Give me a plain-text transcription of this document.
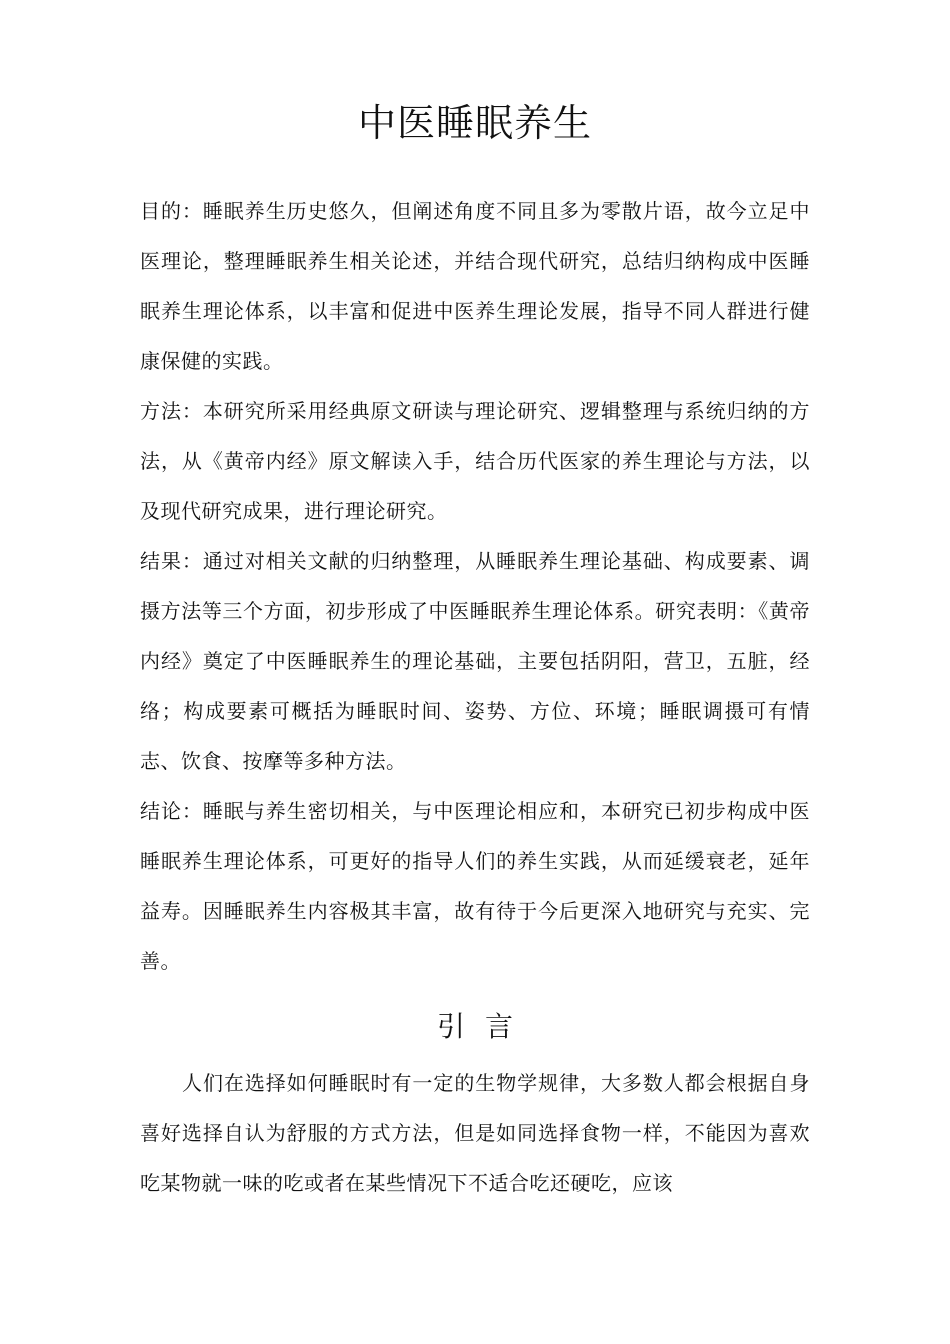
中医睡眠养生

目的：睡眠养生历史悠久，但阐述角度不同且多为零散片语，故今立足中医理论，整理睡眠养生相关论述，并结合现代研究，总结归纳构成中医睡眠养生理论体系，以丰富和促进中医养生理论发展，指导不同人群进行健康保健的实践。

方法：本研究所采用经典原文研读与理论研究、逻辑整理与系统归纳的方法，从《黄帝内经》原文解读入手，结合历代医家的养生理论与方法，以及现代研究成果，进行理论研究。

结果：通过对相关文献的归纳整理，从睡眠养生理论基础、构成要素、调摄方法等三个方面，初步形成了中医睡眠养生理论体系。研究表明：《黄帝内经》奠定了中医睡眠养生的理论基础，主要包括阴阳，营卫，五脏，经络；构成要素可概括为睡眠时间、姿势、方位、环境；睡眠调摄可有情志、饮食、按摩等多种方法。

结论：睡眠与养生密切相关，与中医理论相应和，本研究已初步构成中医睡眠养生理论体系，可更好的指导人们的养生实践，从而延缓衰老，延年益寿。因睡眠养生内容极其丰富，故有待于今后更深入地研究与充实、完善。

引言

人们在选择如何睡眠时有一定的生物学规律，大多数人都会根据自身喜好选择自认为舒服的方式方法，但是如同选择食物一样，不能因为喜欢吃某物就一味的吃或者在某些情况下不适合吃还硬吃，应该
